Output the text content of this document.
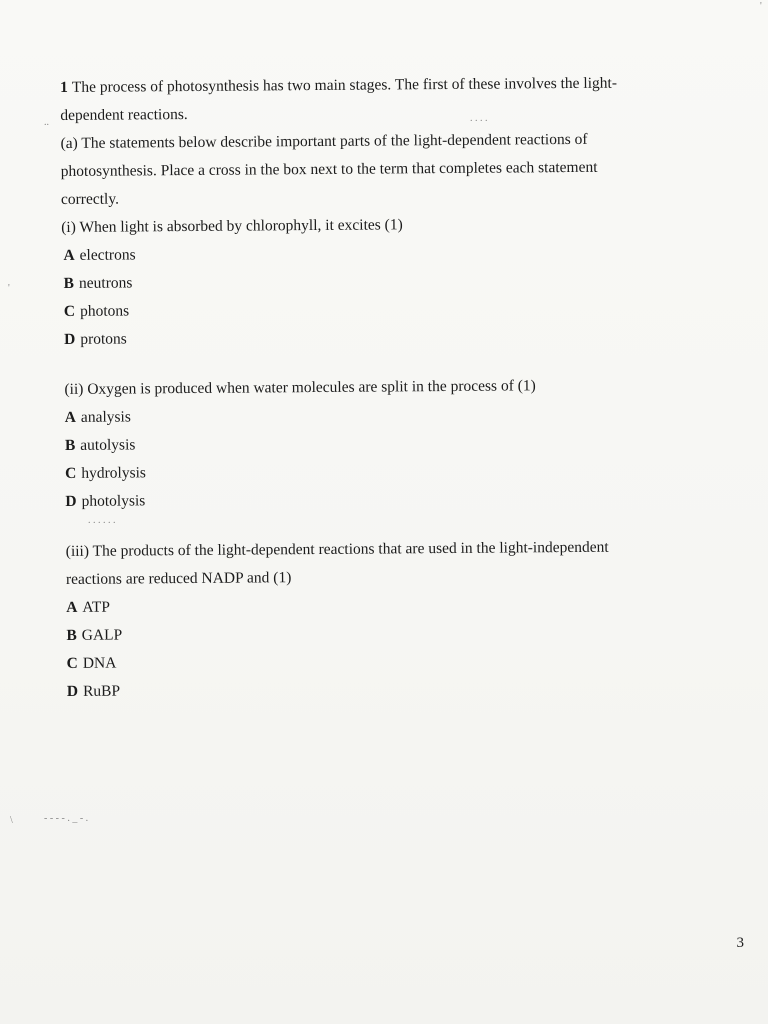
1 The process of photosynthesis has two main stages. The first of these involves the light-
dependent reactions.
(a) The statements below describe important parts of the light-dependent reactions of
photosynthesis. Place a cross in the box next to the term that completes each statement
correctly.
(i) When light is absorbed by chlorophyll, it excites (1)
A electrons
B neutrons
C photons
D protons
(ii) Oxygen is produced when water molecules are split in the process of (1)
A analysis
B autolysis
C hydrolysis
D photolysis
(iii) The products of the light-dependent reactions that are used in the light-independent
reactions are reduced NADP and (1)
A ATP
B GALP
C DNA
D RuBP
..	. . . .
'
- - - - . _ - .
\
. . . . . .
'
3
